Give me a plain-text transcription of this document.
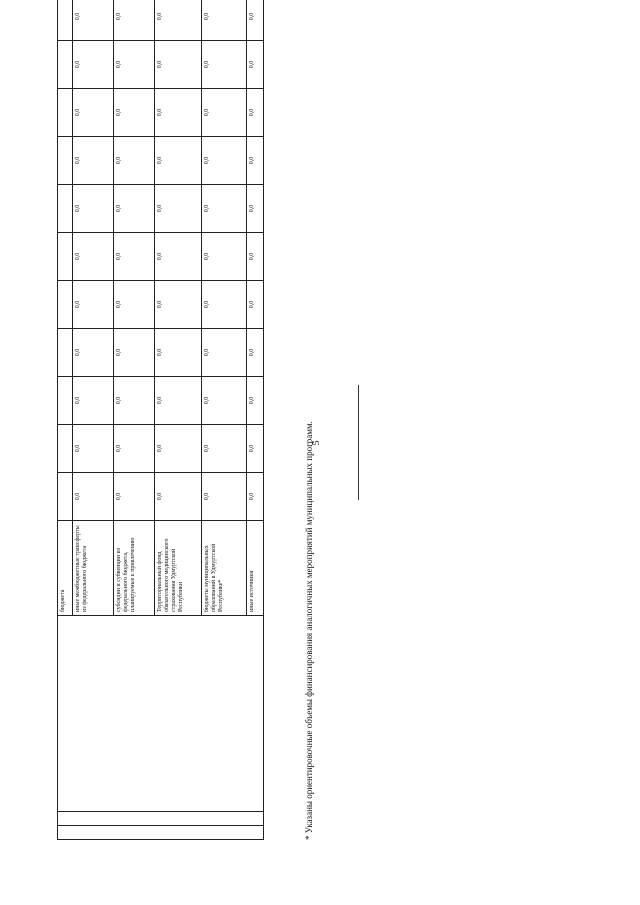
5
			бюджета												
			иные межбюджетные трансферты из федерального бюджета	0,0	0,0	0,0	0,0	0,0	0,0	0,0	0,0	0,0	0,0	0,0	
			субсидии и субвенции из федерального бюджета, планируемые к привлечению	0,0	0,0	0,0	0,0	0,0	0,0	0,0	0,0	0,0	0,0	0,0	
			Территориальный фонд обязательного медицинского страхования Удмуртской Республики	0,0	0,0	0,0	0,0	0,0	0,0	0,0	0,0	0,0	0,0	0,0	
			бюджеты муниципальных образований в Удмуртской Республике*	0,0	0,0	0,0	0,0	0,0	0,0	0,0	0,0	0,0	0,0	0,0	
			иные источники	0,0	0,0	0,0	0,0	0,0	0,0	0,0	0,0	0,0	0,0	0,0	
* Указаны ориентировочные объемы финансирования аналогичных мероприятий муниципальных программ.
